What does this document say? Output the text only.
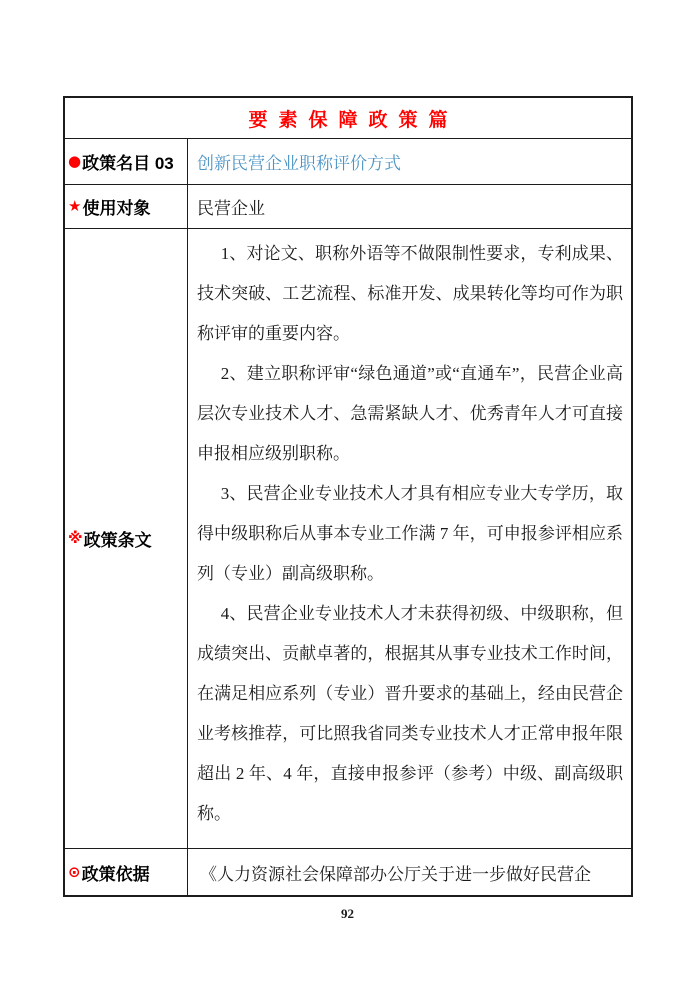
要素保障政策篇
● 政策名目 03 创新民营企业职称评价方式
★ 使用对象	民营企业
※ 政策条文

1、对论文、职称外语等不做限制性要求，专利成果、技术突破、工艺流程、标准开发、成果转化等均可作为职称评审的重要内容。

2、建立职称评审“绿色通道”或“直通车”，民营企业高层次专业技术人才、急需紧缺人才、优秀青年人才可直接申报相应级别职称。

3、民营企业专业技术人才具有相应专业大专学历，取得中级职称后从事本专业工作满 7 年，可申报参评相应系列（专业）副高级职称。

4、民营企业专业技术人才未获得初级、中级职称，但成绩突出、贡献卓著的，根据其从事专业技术工作时间，在满足相应系列（专业）晋升要求的基础上，经由民营企业考核推荐，可比照我省同类专业技术人才正常申报年限超出 2 年、4 年，直接申报参评（参考）中级、副高级职称。

⊙ 政策依据	《人力资源社会保障部办公厅关于进一步做好民营企
92
